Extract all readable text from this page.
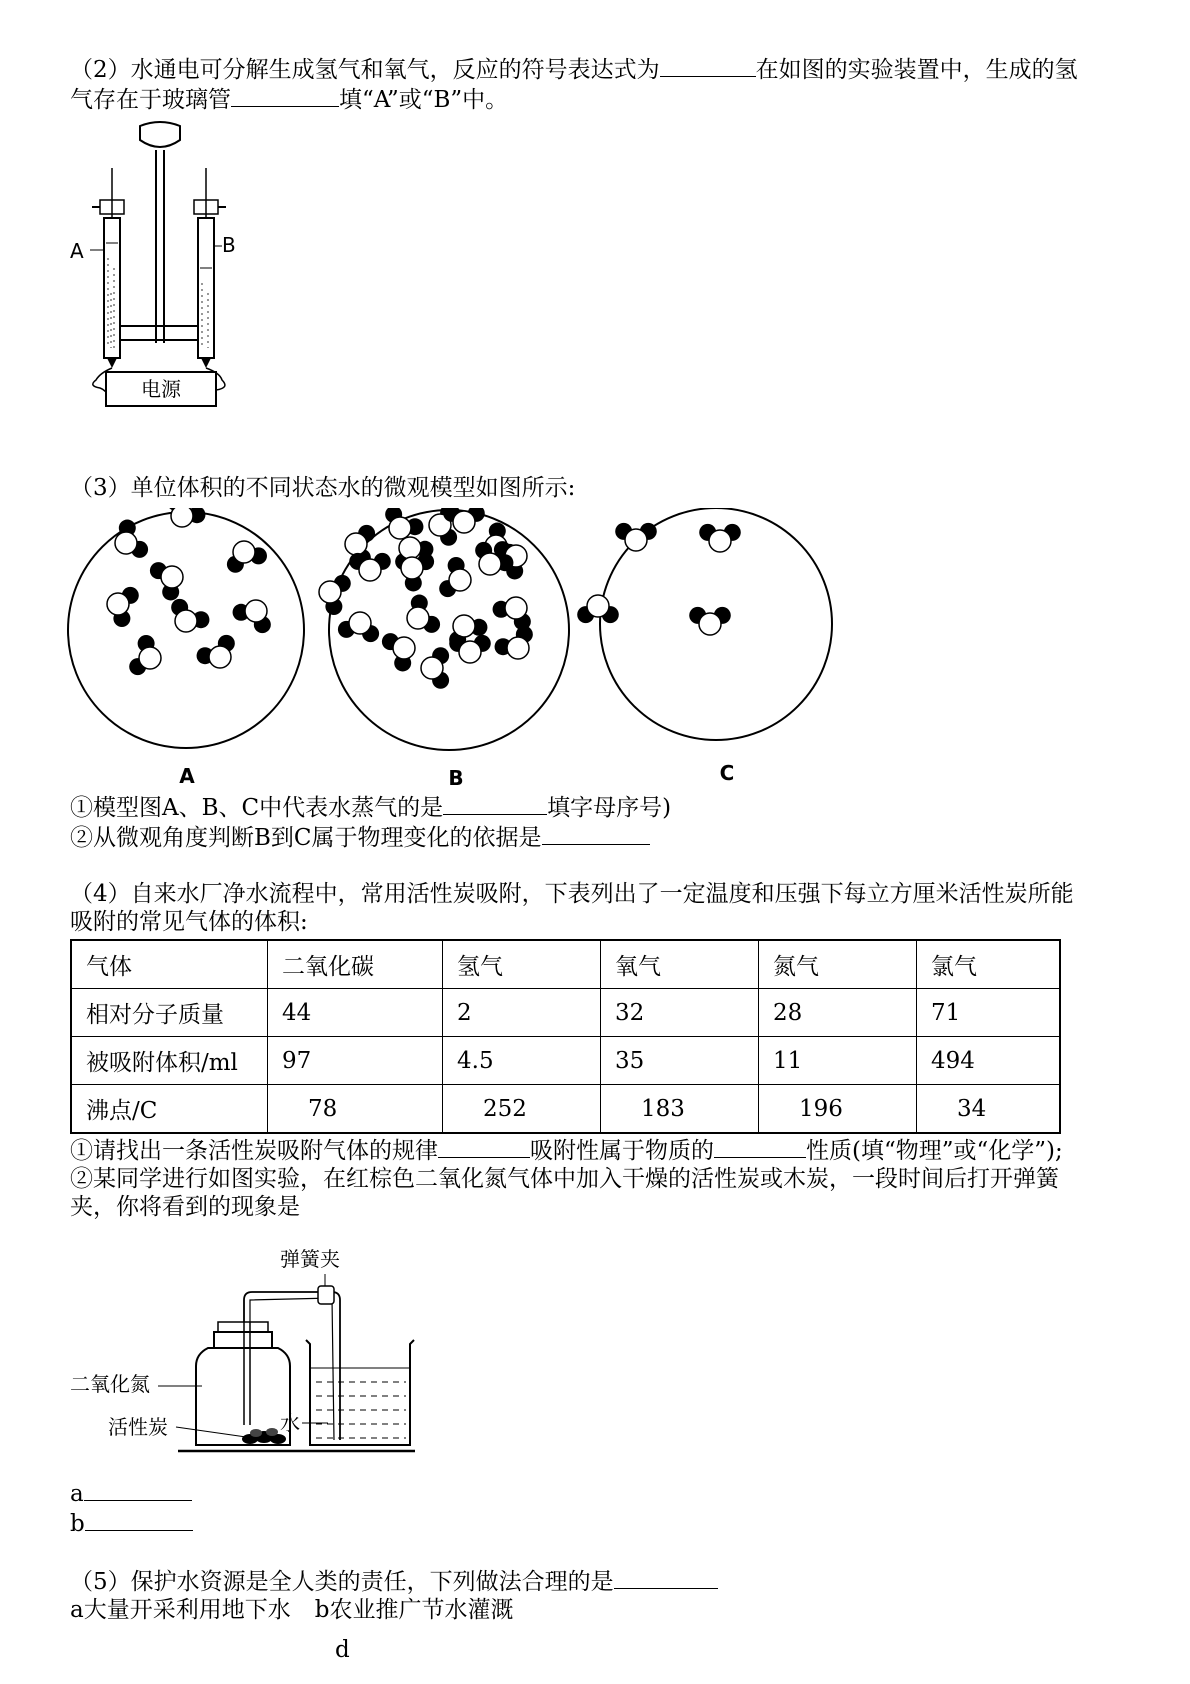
（2）水通电可分解生成氢气和氧气，反应的符号表达式为	在如图的实验装置中，生成的氢
气存在于玻璃管	填“A”或“B”中。
电源
A	B
（3）单位体积的不同状态水的微观模型如图所示:
A	B	C
①模型图A、B、C中代表水蒸气的是	填字母序号)
②从微观角度判断B到C属于物理变化的依据是
（4）自来水厂净水流程中，常用活性炭吸附，下表列出了一定温度和压强下每立方厘米活性炭所能
吸附的常见气体的体积:
气体	二氧化碳	氢气	氧气	氮气	氯气
相对分子质量	44	2	32	28	71
被吸附体积/ml	97	4.5	35	11	494
沸点/C	78	252	183	196	34
①请找出一条活性炭吸附气体的规律	吸附性属于物质的	性质(填“物理”或“化学”);
②某同学进行如图实验，在红棕色二氧化氮气体中加入干燥的活性炭或木炭，一段时间后打开弹簧
夹，你将看到的现象是
弹簧夹
二氧化氮
活性炭	水
a
b
（5）保护水资源是全人类的责任，下列做法合理的是
a大量开采利用地下水 b农业推广节水灌溉
d
